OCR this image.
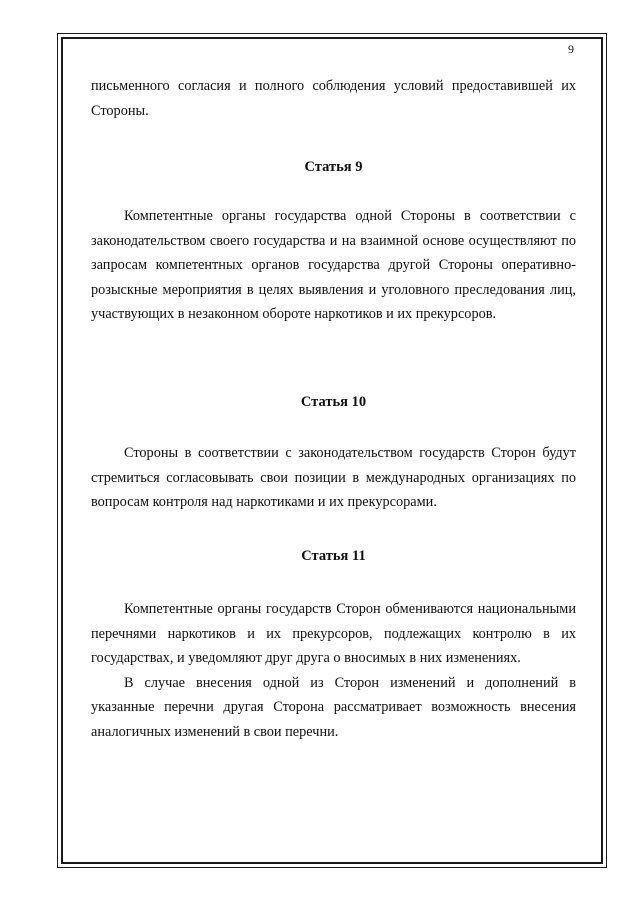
9

письменного согласия и полного соблюдения условий предоставившей их Стороны.

Статья 9

Компетентные органы государства одной Стороны в соответствии с законодательством своего государства и на взаимной основе осуществляют по запросам компетентных органов государства другой Стороны оперативно-розыскные мероприятия в целях выявления и уголовного преследования лиц, участвующих в незаконном обороте наркотиков и их прекурсоров.

Статья 10

Стороны в соответствии с законодательством государств Сторон будут стремиться согласовывать свои позиции в международных организациях по вопросам контроля над наркотиками и их прекурсорами.

Статья 11

Компетентные органы государств Сторон обмениваются национальными перечнями наркотиков и их прекурсоров, подлежащих контролю в их государствах, и уведомляют друг друга о вносимых в них изменениях.

В случае внесения одной из Сторон изменений и дополнений в указанные перечни другая Сторона рассматривает возможность внесения аналогичных изменений в свои перечни.
